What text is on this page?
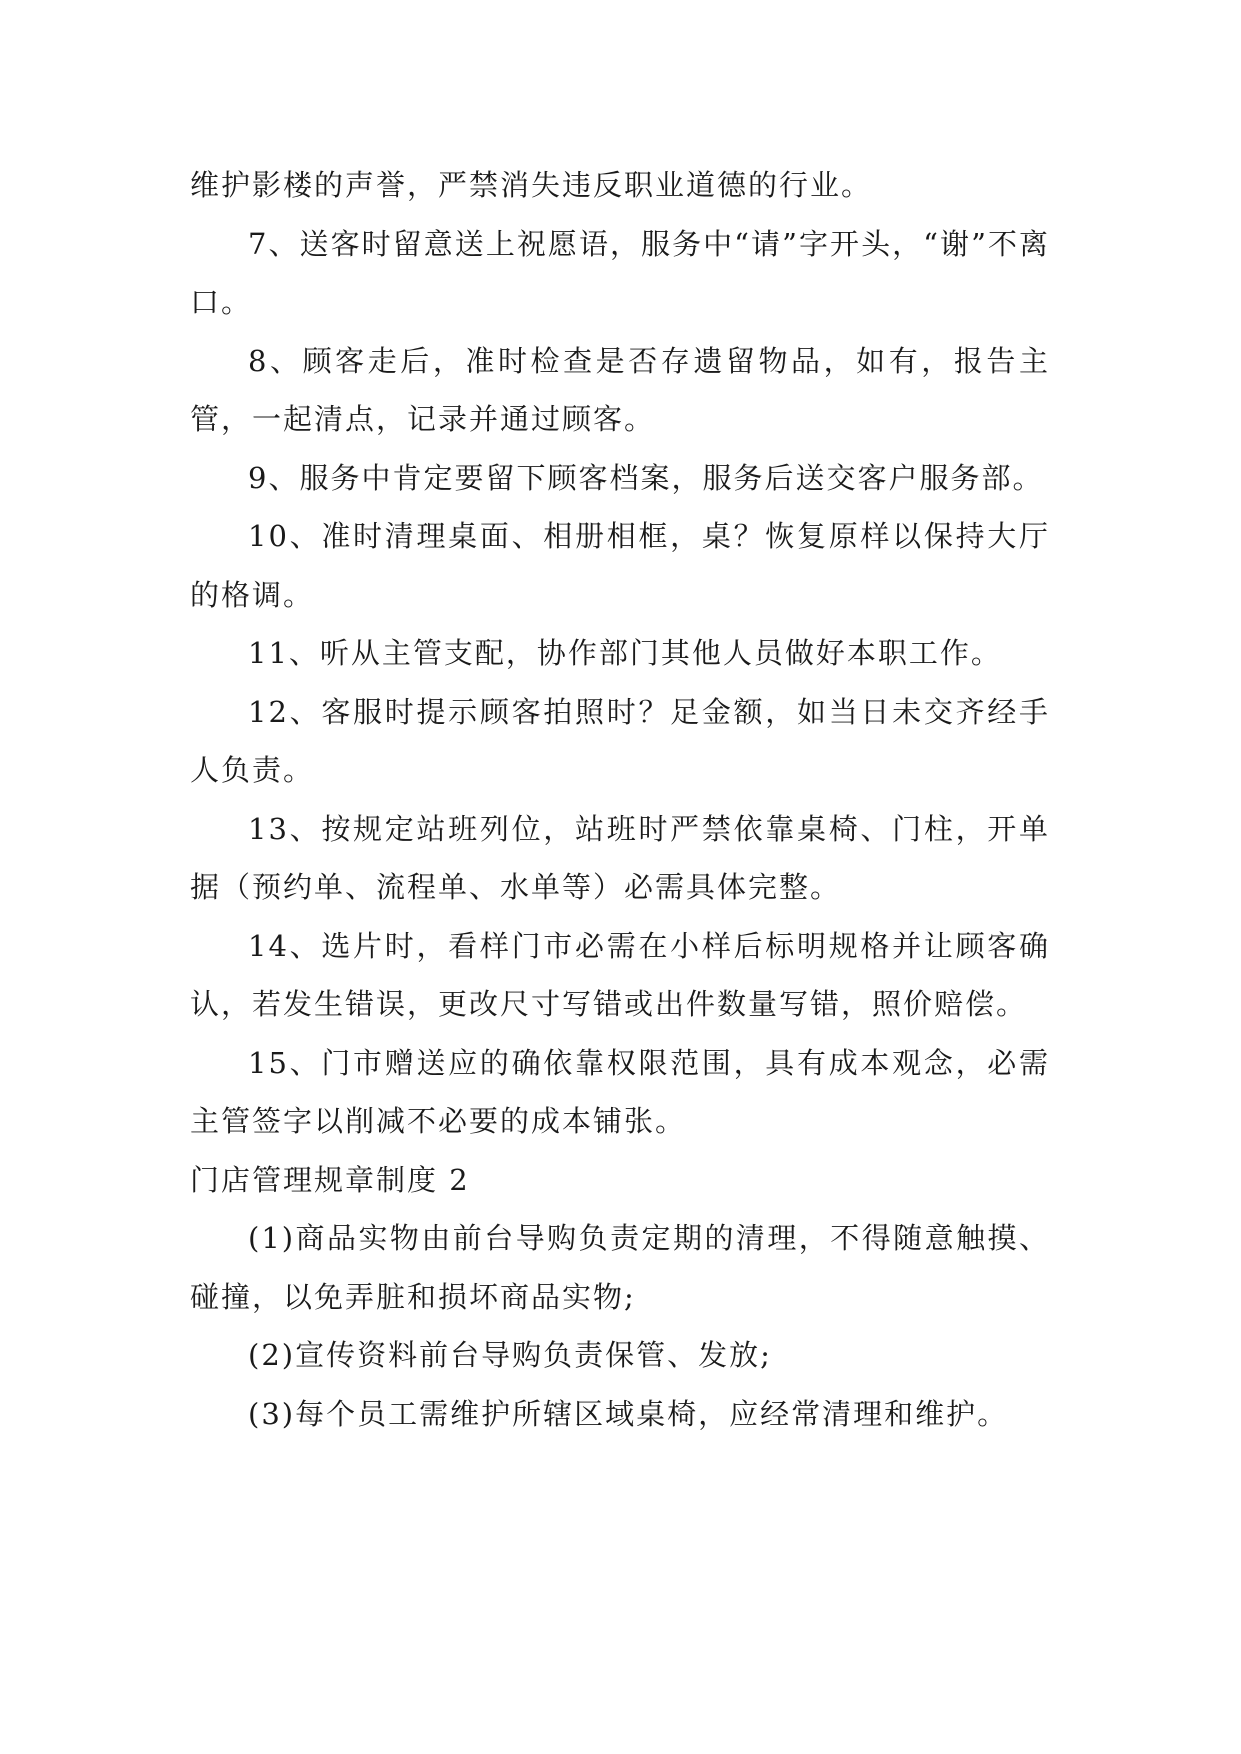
维护影楼的声誉，严禁消失违反职业道德的行业。

7、送客时留意送上祝愿语，服务中“请”字开头，“谢”不离口。

8、顾客走后，准时检查是否存遗留物品，如有，报告主管，一起清点，记录并通过顾客。

9、服务中肯定要留下顾客档案，服务后送交客户服务部。

10、准时清理桌面、相册相框，桌？恢复原样以保持大厅的格调。

11、听从主管支配，协作部门其他人员做好本职工作。

12、客服时提示顾客拍照时？足金额，如当日未交齐经手人负责。

13、按规定站班列位，站班时严禁依靠桌椅、门柱，开单据（预约单、流程单、水单等）必需具体完整。

14、选片时，看样门市必需在小样后标明规格并让顾客确认，若发生错误，更改尺寸写错或出件数量写错，照价赔偿。

15、门市赠送应的确依靠权限范围，具有成本观念，必需主管签字以削减不必要的成本铺张。

门店管理规章制度 2

(1)商品实物由前台导购负责定期的清理，不得随意触摸、碰撞，以免弄脏和损坏商品实物;

(2)宣传资料前台导购负责保管、发放;

(3)每个员工需维护所辖区域桌椅，应经常清理和维护。
